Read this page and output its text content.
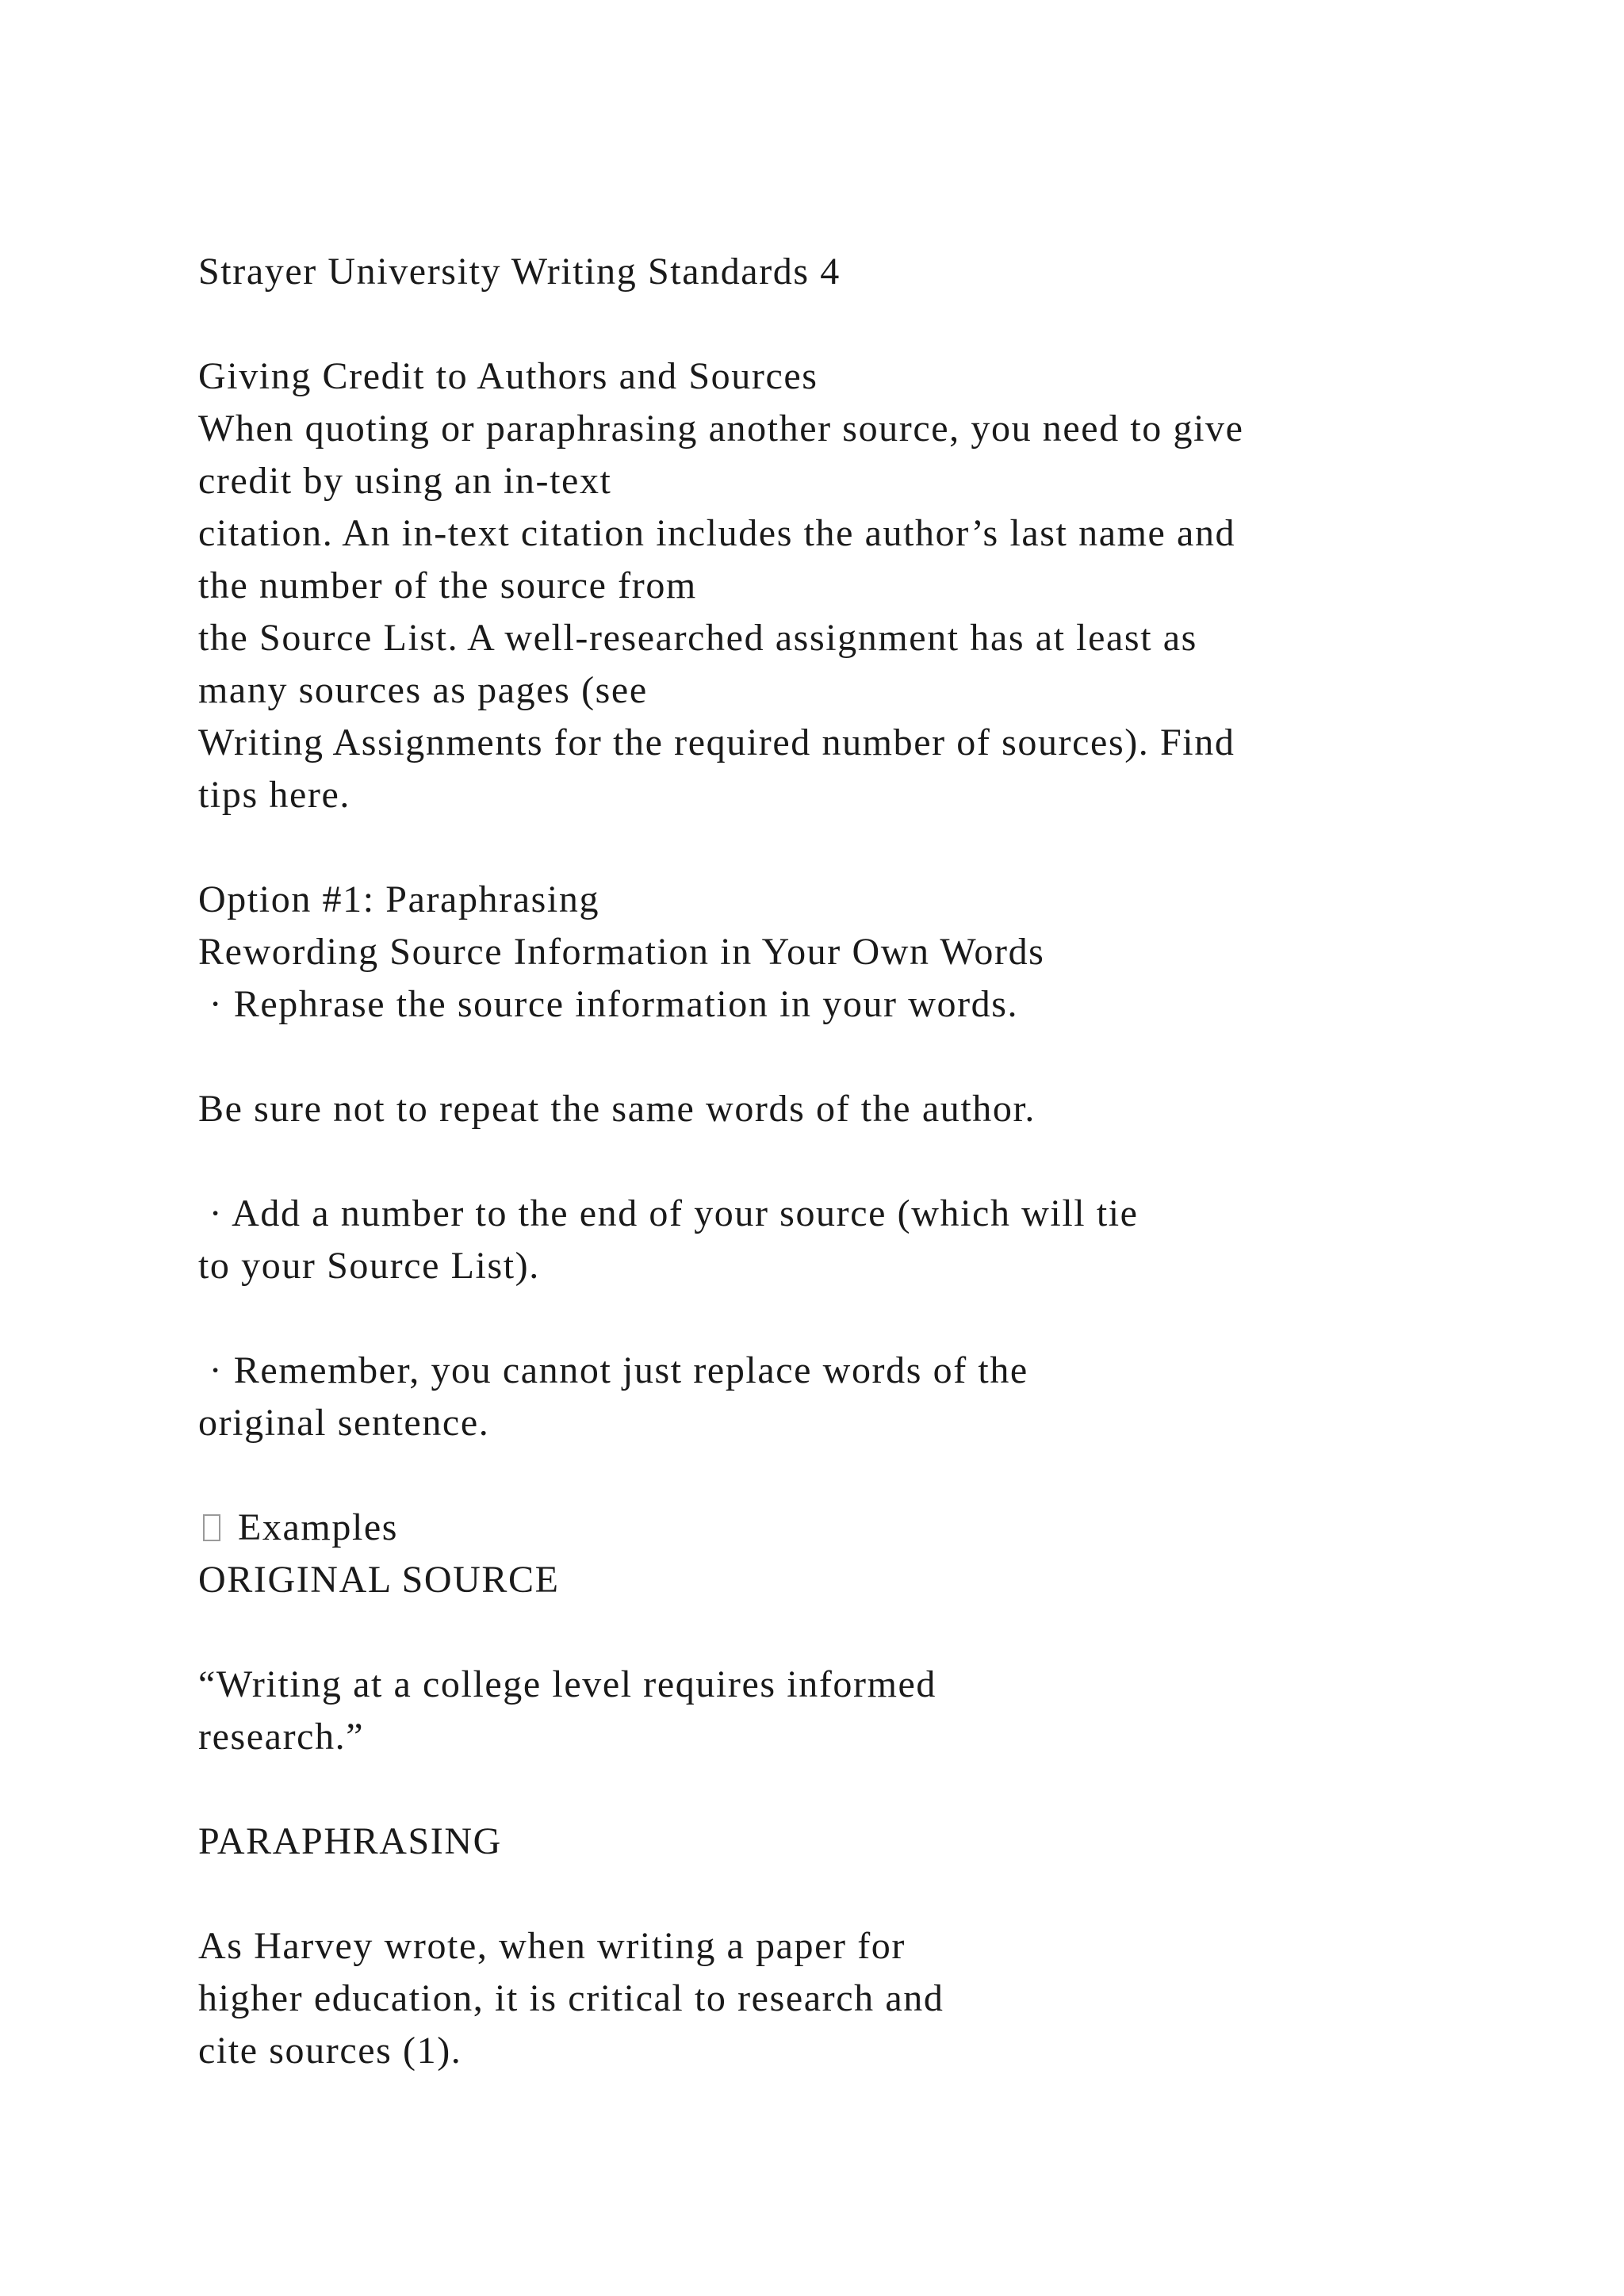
Strayer University Writing Standards 4
Giving Credit to Authors and Sources
When quoting or paraphrasing another source, you need to give
credit by using an in-text
citation. An in-text citation includes the author’s last name and
the number of the source from
the Source List. A well-researched assignment has at least as
many sources as pages (see
Writing Assignments for the required number of sources). Find
tips here.
Option #1: Paraphrasing
Rewording Source Information in Your Own Words
· Rephrase the source information in your words.
Be sure not to repeat the same words of the author.
· Add a number to the end of your source (which will tie
to your Source List).
· Remember, you cannot just replace words of the
original sentence.
Examples
ORIGINAL SOURCE
“Writing at a college level requires informed
research.”
PARAPHRASING
As Harvey wrote, when writing a paper for
higher education, it is critical to research and
cite sources (1).
